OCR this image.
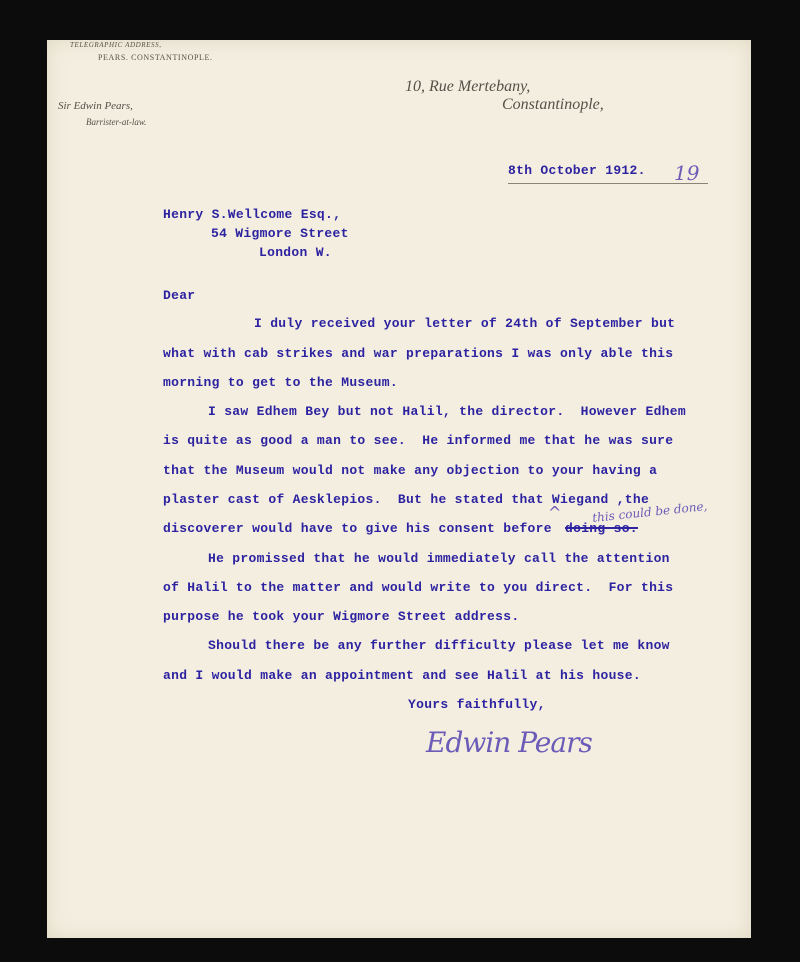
TELEGRAPHIC ADDRESS,
PEARS. CONSTANTINOPLE.
Sir Edwin Pears,
Barrister-at-law.
10, Rue Mertebany,
Constantinople,
8th October 1912. 19
Henry S.Wellcome Esq.,
54 Wigmore Street
London W.
Dear
I duly received your letter of 24th of September but
what with cab strikes and war preparations I was only able this
morning to get to the Museum.
I saw Edhem Bey but not Halil, the director.  However Edhem
is quite as good a man to see.  He informed me that he was sure
that the Museum would not make any objection to your having a
plaster cast of Aesklepios.  But he stated that Wiegand ,the
discoverer would have to give his consent before doing so.
this could be done,
^
He promissed that he would immediately call the attention
of Halil to the matter and would write to you direct.  For this
purpose he took your Wigmore Street address.
Should there be any further difficulty please let me know
and I would make an appointment and see Halil at his house.
Yours faithfully,
Edwin Pears
